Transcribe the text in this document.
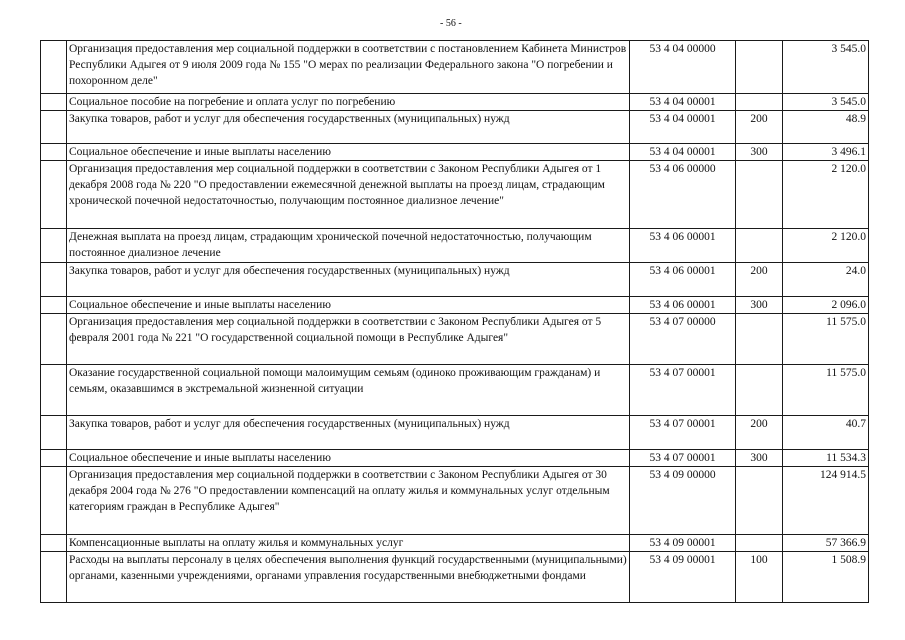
- 56 -
	Организация предоставления мер социальной поддержки в соответствии с постановлением Кабинета Министров Республики Адыгея от 9 июля 2009 года № 155 "О мерах по реализации Федерального закона "О погребении и похоронном деле"	53 4 04 00000		3 545.0
	Социальное пособие на погребение и оплата услуг по погребению	53 4 04 00001		3 545.0
	Закупка товаров, работ и услуг для обеспечения государственных (муниципальных) нужд	53 4 04 00001	200	48.9
	Социальное обеспечение и иные выплаты населению	53 4 04 00001	300	3 496.1
	Организация предоставления мер социальной поддержки в соответствии с Законом Республики Адыгея от 1 декабря 2008 года № 220 "О предоставлении ежемесячной денежной выплаты на проезд лицам, страдающим хронической почечной недостаточностью, получающим постоянное диализное лечение"	53 4 06 00000		2 120.0
	Денежная выплата на проезд лицам, страдающим хронической почечной недостаточностью, получающим постоянное диализное лечение	53 4 06 00001		2 120.0
	Закупка товаров, работ и услуг для обеспечения государственных (муниципальных) нужд	53 4 06 00001	200	24.0
	Социальное обеспечение и иные выплаты населению	53 4 06 00001	300	2 096.0
	Организация предоставления мер социальной поддержки в соответствии с Законом Республики Адыгея от 5 февраля 2001 года № 221 "О государственной социальной помощи в Республике Адыгея"	53 4 07 00000		11 575.0
	Оказание государственной социальной помощи малоимущим семьям (одиноко проживающим гражданам) и семьям, оказавшимся в экстремальной жизненной ситуации	53 4 07 00001		11 575.0
	Закупка товаров, работ и услуг для обеспечения государственных (муниципальных) нужд	53 4 07 00001	200	40.7
	Социальное обеспечение и иные выплаты населению	53 4 07 00001	300	11 534.3
	Организация предоставления мер социальной поддержки в соответствии с Законом Республики Адыгея от 30 декабря 2004 года № 276 "О предоставлении компенсаций на оплату жилья и коммунальных услуг отдельным категориям граждан в Республике Адыгея"	53 4 09 00000		124 914.5
	Компенсационные выплаты на оплату жилья и коммунальных услуг	53 4 09 00001		57 366.9
	Расходы на выплаты персоналу в целях обеспечения выполнения функций государственными (муниципальными) органами, казенными учреждениями, органами управления государственными внебюджетными фондами	53 4 09 00001	100	1 508.9
